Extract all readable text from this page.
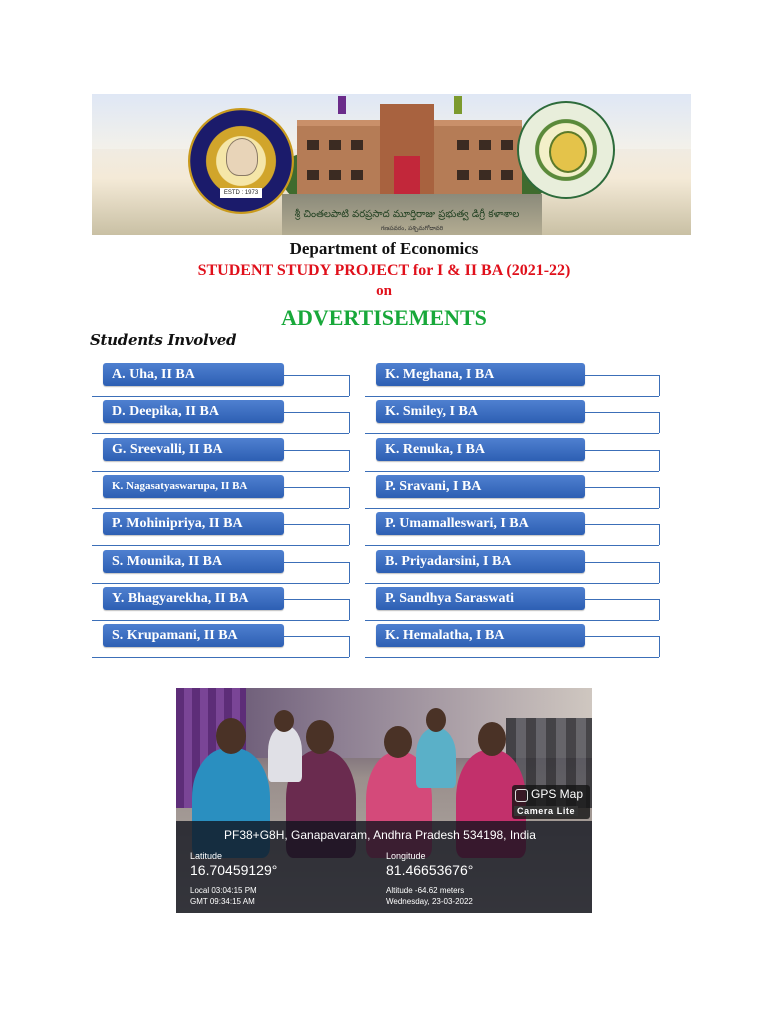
ESTD : 1973
శ్రీ చింతలపాటి వరప్రసాద మూర్తిరాజు ప్రభుత్వ డిగ్రీ కళాశాల
గణపవరం, పశ్చిమగోదావరి
Department of Economics
STUDENT STUDY PROJECT for I & II BA (2021-22)
on
ADVERTISEMENTS
Students Involved
A. Uha, II BA
D. Deepika, II BA
G. Sreevalli, II BA
K. Nagasatyaswarupa, II BA
P. Mohinipriya, II BA
S. Mounika, II BA
Y. Bhagyarekha, II BA
S. Krupamani, II BA
K. Meghana, I BA
K. Smiley, I BA
K. Renuka, I BA
P. Sravani, I BA
P. Umamalleswari, I BA
B. Priyadarsini, I BA
P. Sandhya Saraswati
K. Hemalatha, I BA
GPS Map
Camera Lite
PF38+G8H, Ganapavaram, Andhra Pradesh 534198, India
Latitude
16.70459129°
Longitude
81.46653676°
Local 03:04:15 PM
GMT 09:34:15 AM
Altitude -64.62 meters
Wednesday, 23-03-2022
